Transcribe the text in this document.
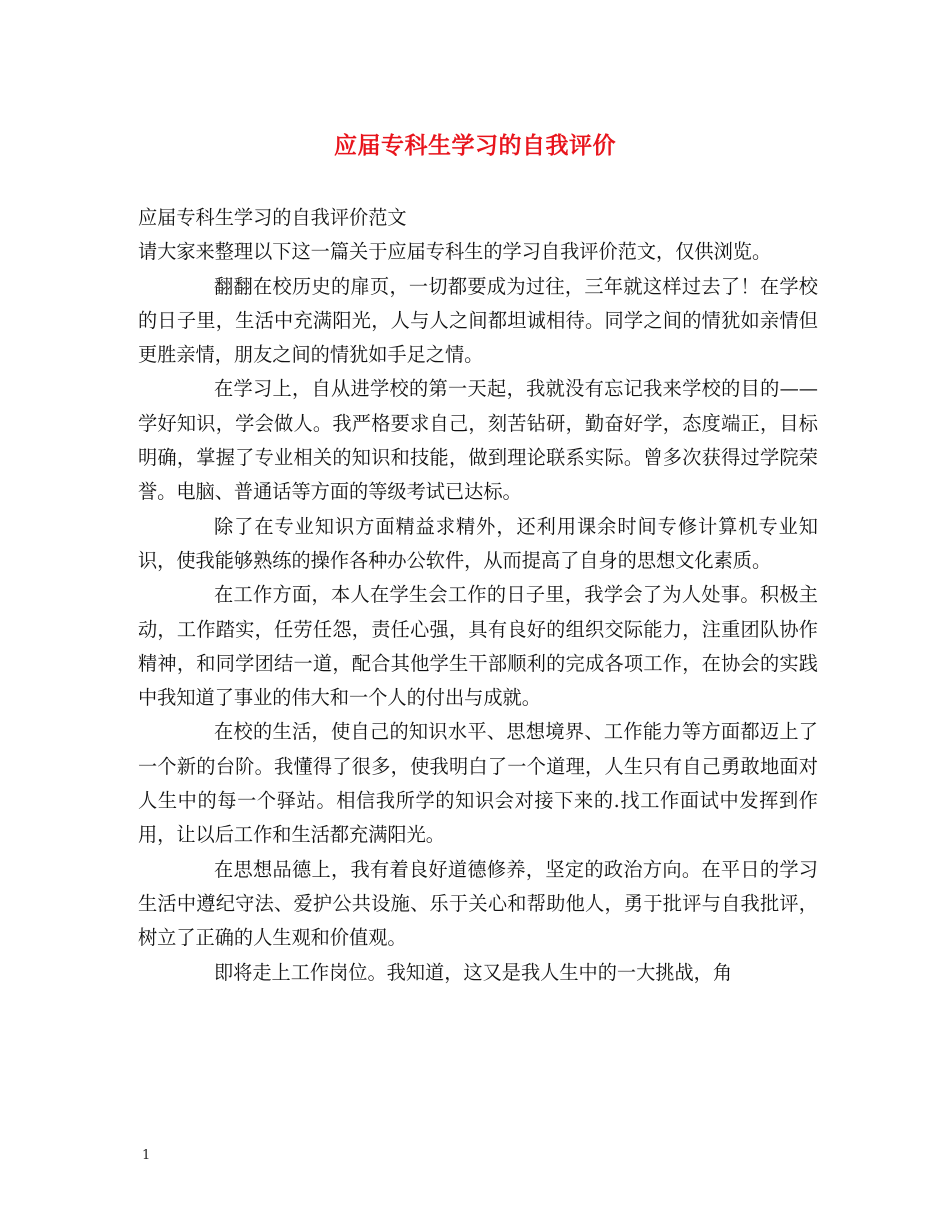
应届专科生学习的自我评价

应届专科生学习的自我评价范文

请大家来整理以下这一篇关于应届专科生的学习自我评价范文，仅供浏览。

翻翻在校历史的扉页，一切都要成为过往，三年就这样过去了！在学校的日子里，生活中充满阳光，人与人之间都坦诚相待。同学之间的情犹如亲情但更胜亲情，朋友之间的情犹如手足之情。

在学习上，自从进学校的第一天起，我就没有忘记我来学校的目的——学好知识，学会做人。我严格要求自己，刻苦钻研，勤奋好学，态度端正，目标明确，掌握了专业相关的知识和技能，做到理论联系实际。曾多次获得过学院荣誉。电脑、普通话等方面的等级考试已达标。

除了在专业知识方面精益求精外，还利用课余时间专修计算机专业知识，使我能够熟练的操作各种办公软件，从而提高了自身的思想文化素质。

在工作方面，本人在学生会工作的日子里，我学会了为人处事。积极主动，工作踏实，任劳任怨，责任心强，具有良好的组织交际能力，注重团队协作精神，和同学团结一道，配合其他学生干部顺利的完成各项工作，在协会的实践中我知道了事业的伟大和一个人的付出与成就。

在校的生活，使自己的知识水平、思想境界、工作能力等方面都迈上了一个新的台阶。我懂得了很多，使我明白了一个道理，人生只有自己勇敢地面对人生中的每一个驿站。相信我所学的知识会对接下来的.找工作面试中发挥到作用，让以后工作和生活都充满阳光。

在思想品德上，我有着良好道德修养，坚定的政治方向。在平日的学习生活中遵纪守法、爱护公共设施、乐于关心和帮助他人，勇于批评与自我批评，树立了正确的人生观和价值观。

即将走上工作岗位。我知道，这又是我人生中的一大挑战，角

1
